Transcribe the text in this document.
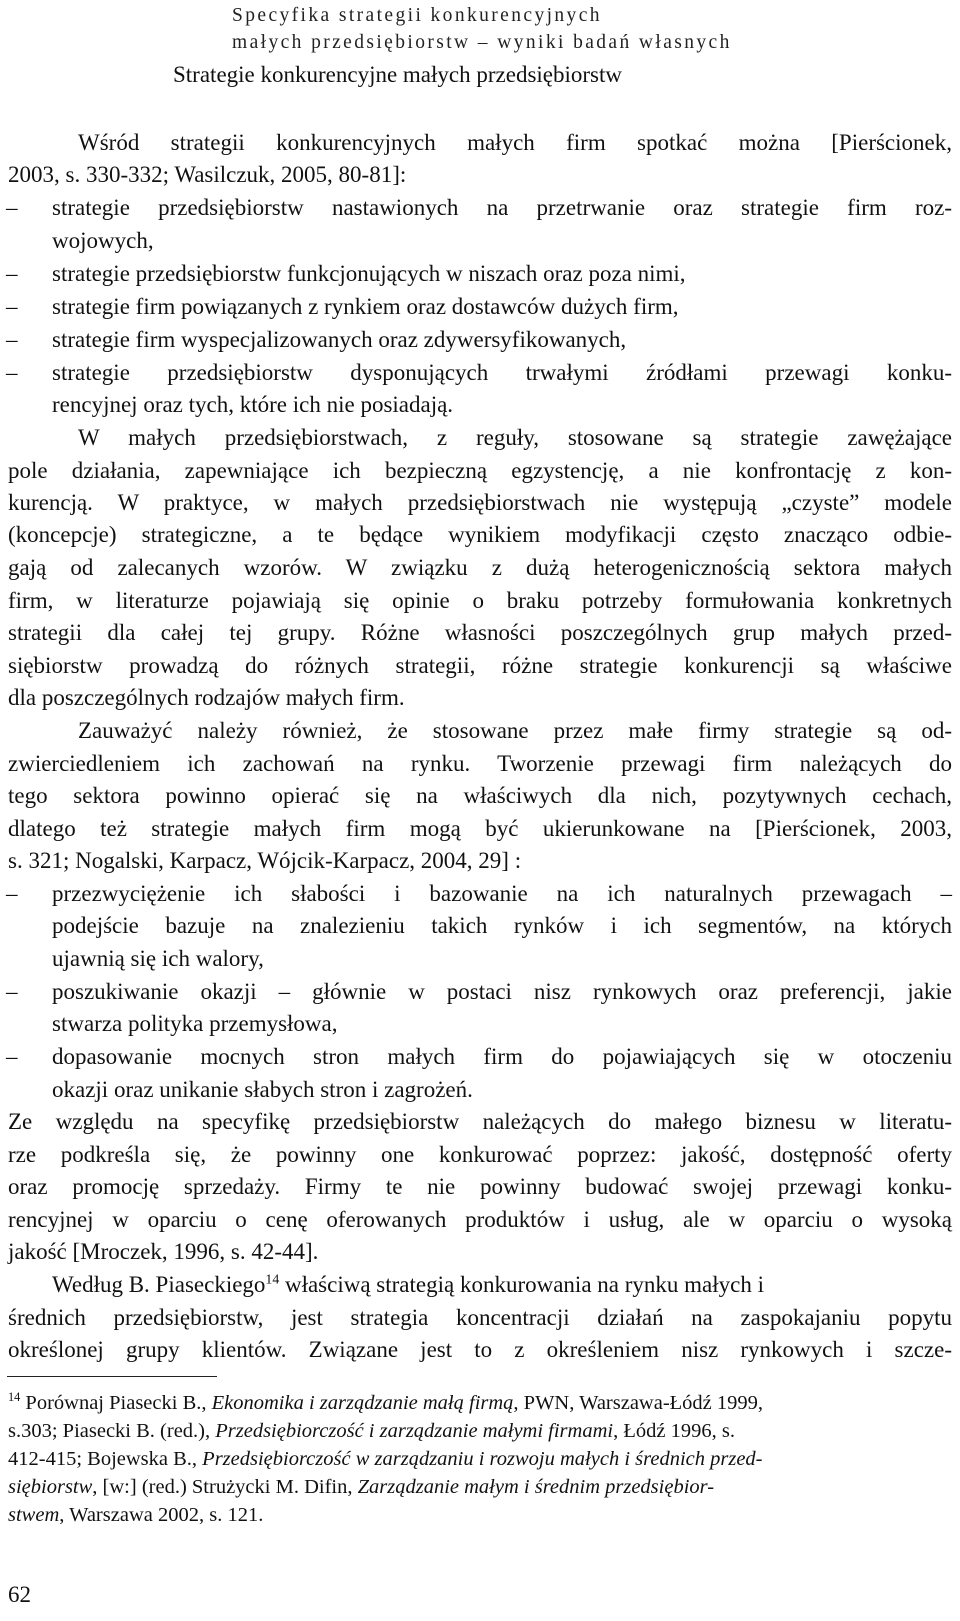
Specyfika strategii konkurencyjnych
małych przedsiębiorstw – wyniki badań własnych
Strategie konkurencyjne małych przedsiębiorstw
Wśród strategii konkurencyjnych małych firm spotkać można [Pierścionek,
2003, s. 330-332; Wasilczuk, 2005, 80-81]:
– strategie przedsiębiorstw nastawionych na przetrwanie oraz strategie firm roz-
wojowych,
– strategie przedsiębiorstw funkcjonujących w niszach oraz poza nimi,
– strategie firm powiązanych z rynkiem oraz dostawców dużych firm,
– strategie firm wyspecjalizowanych oraz zdywersyfikowanych,
– strategie przedsiębiorstw dysponujących trwałymi źródłami przewagi konku-
rencyjnej oraz tych, które ich nie posiadają.
W małych przedsiębiorstwach, z reguły, stosowane są strategie zawężające
pole działania, zapewniające ich bezpieczną egzystencję, a nie konfrontację z kon-
kurencją. W praktyce, w małych przedsiębiorstwach nie występują „czyste” modele
(koncepcje) strategiczne, a te będące wynikiem modyfikacji często znacząco odbie-
gają od zalecanych wzorów. W związku z dużą heterogenicznością sektora małych
firm, w literaturze pojawiają się opinie o braku potrzeby formułowania konkretnych
strategii dla całej tej grupy. Różne własności poszczególnych grup małych przed-
siębiorstw prowadzą do różnych strategii, różne strategie konkurencji są właściwe
dla poszczególnych rodzajów małych firm.
Zauważyć należy również, że stosowane przez małe firmy strategie są od-
zwierciedleniem ich zachowań na rynku. Tworzenie przewagi firm należących do
tego sektora powinno opierać się na właściwych dla nich, pozytywnych cechach,
dlatego też strategie małych firm mogą być ukierunkowane na [Pierścionek, 2003,
s. 321; Nogalski, Karpacz, Wójcik-Karpacz, 2004, 29] :
– przezwyciężenie ich słabości i bazowanie na ich naturalnych przewagach –
podejście bazuje na znalezieniu takich rynków i ich segmentów, na których
ujawnią się ich walory,
– poszukiwanie okazji – głównie w postaci nisz rynkowych oraz preferencji, jakie
stwarza polityka przemysłowa,
– dopasowanie mocnych stron małych firm do pojawiających się w otoczeniu
okazji oraz unikanie słabych stron i zagrożeń.
Ze względu na specyfikę przedsiębiorstw należących do małego biznesu w literatu-
rze podkreśla się, że powinny one konkurować poprzez: jakość, dostępność oferty
oraz promocję sprzedaży. Firmy te nie powinny budować swojej przewagi konku-
rencyjnej w oparciu o cenę oferowanych produktów i usług, ale w oparciu o wysoką
jakość [Mroczek, 1996, s. 42-44].
Według B. Piaseckiego$^{14}$ właściwą strategią konkurowania na rynku małych i
średnich przedsiębiorstw, jest strategia koncentracji działań na zaspokajaniu popytu
określonej grupy klientów. Związane jest to z określeniem nisz rynkowych i szcze-
$^{14}$ Porównaj Piasecki B., Ekonomika i zarządzanie małą firmą, PWN, Warszawa-Łódź 1999,
s.303; Piasecki B. (red.), Przedsiębiorczość i zarządzanie małymi firmami, Łódź 1996, s.
412-415; Bojewska B., Przedsiębiorczość w zarządzaniu i rozwoju małych i średnich przed-
siębiorstw, [w:] (red.) Strużycki M. Difin, Zarządzanie małym i średnim przedsiębior-
stwem, Warszawa 2002, s. 121.
62
